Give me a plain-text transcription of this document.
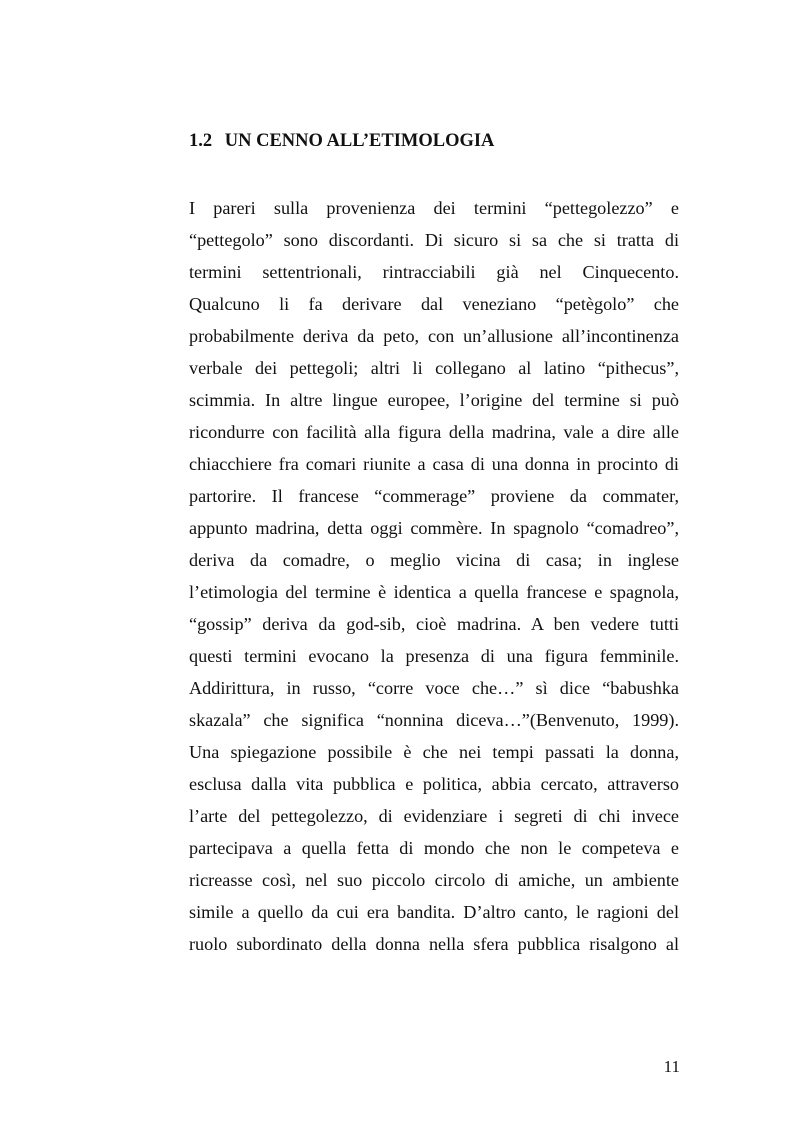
1.2 UN CENNO ALL’ETIMOLOGIA
I pareri sulla provenienza dei termini “pettegolezzo” e
“pettegolo” sono discordanti. Di sicuro si sa che si tratta di
termini settentrionali, rintracciabili già nel Cinquecento.
Qualcuno li fa derivare dal veneziano “petègolo” che
probabilmente deriva da peto, con un’allusione all’incontinenza
verbale dei pettegoli; altri li collegano al latino “pithecus”,
scimmia. In altre lingue europee, l’origine del termine si può
ricondurre con facilità alla figura della madrina, vale a dire alle
chiacchiere fra comari riunite a casa di una donna in procinto di
partorire. Il francese “commerage” proviene da commater,
appunto madrina, detta oggi commère. In spagnolo “comadreo”,
deriva da comadre, o meglio vicina di casa; in inglese
l’etimologia del termine è identica a quella francese e spagnola,
“gossip” deriva da god-sib, cioè madrina. A ben vedere tutti
questi termini evocano la presenza di una figura femminile.
Addirittura, in russo, “corre voce che…” sì dice “babushka
skazala” che significa “nonnina diceva…”(Benvenuto, 1999).
Una spiegazione possibile è che nei tempi passati la donna,
esclusa dalla vita pubblica e politica, abbia cercato, attraverso
l’arte del pettegolezzo, di evidenziare i segreti di chi invece
partecipava a quella fetta di mondo che non le competeva e
ricreasse così, nel suo piccolo circolo di amiche, un ambiente
simile a quello da cui era bandita. D’altro canto, le ragioni del
ruolo subordinato della donna nella sfera pubblica risalgono al
11
